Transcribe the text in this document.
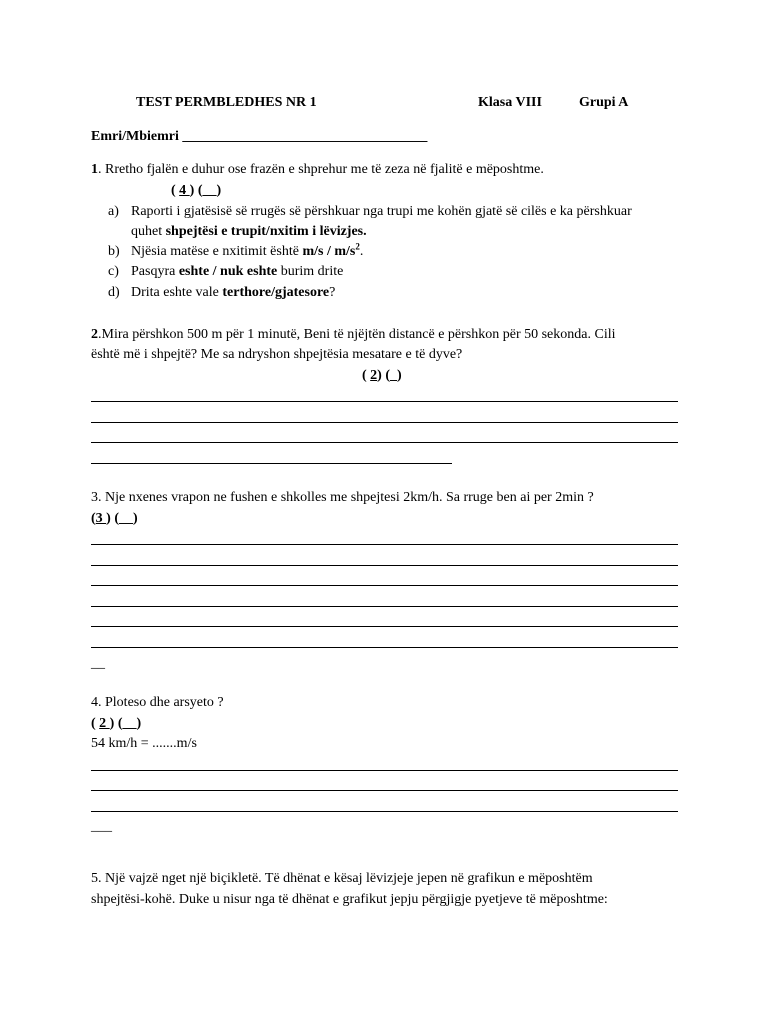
TEST PERMBLEDHES NR 1	Klasa VIII	Grupi A
Emri/Mbiemri ___________________________________
1. Rretho fjalën e duhur ose frazën e shprehur me të zeza në fjalitë e mëposhtme.
( 4 ) (__)
a) Raporti i gjatësisë së rrugës së përshkuar nga trupi me kohën gjatë së cilës e ka përshkuar
quhet shpejtësi e trupit/nxitim i lëvizjes.
b) Njësia matëse e nxitimit është $m/s / m/s^2$.
c) Pasqyra eshte / nuk eshte burim drite
d) Drita eshte vale terthore/gjatesore?
2.Mira përshkon 500 m për 1 minutë, Beni të njëjtën distancë e përshkon për 50 sekonda. Cili
është më i shpejtë? Me sa ndryshon shpejtësia mesatare e të dyve?
( 2) (_)
3. Nje nxenes vrapon ne fushen e shkolles me shpejtesi 2km/h. Sa rruge ben ai per 2min ?
(3 ) (__)
__
4. Ploteso dhe arsyeto ?
( 2 ) (__)
54 km/h = .......m/s
___
5. Një vajzë nget një biçikletë. Të dhënat e kësaj lëvizjeje jepen në grafikun e mëposhtëm
shpejtësi-kohë. Duke u nisur nga të dhënat e grafikut jepju përgjigje pyetjeve të mëposhtme:
